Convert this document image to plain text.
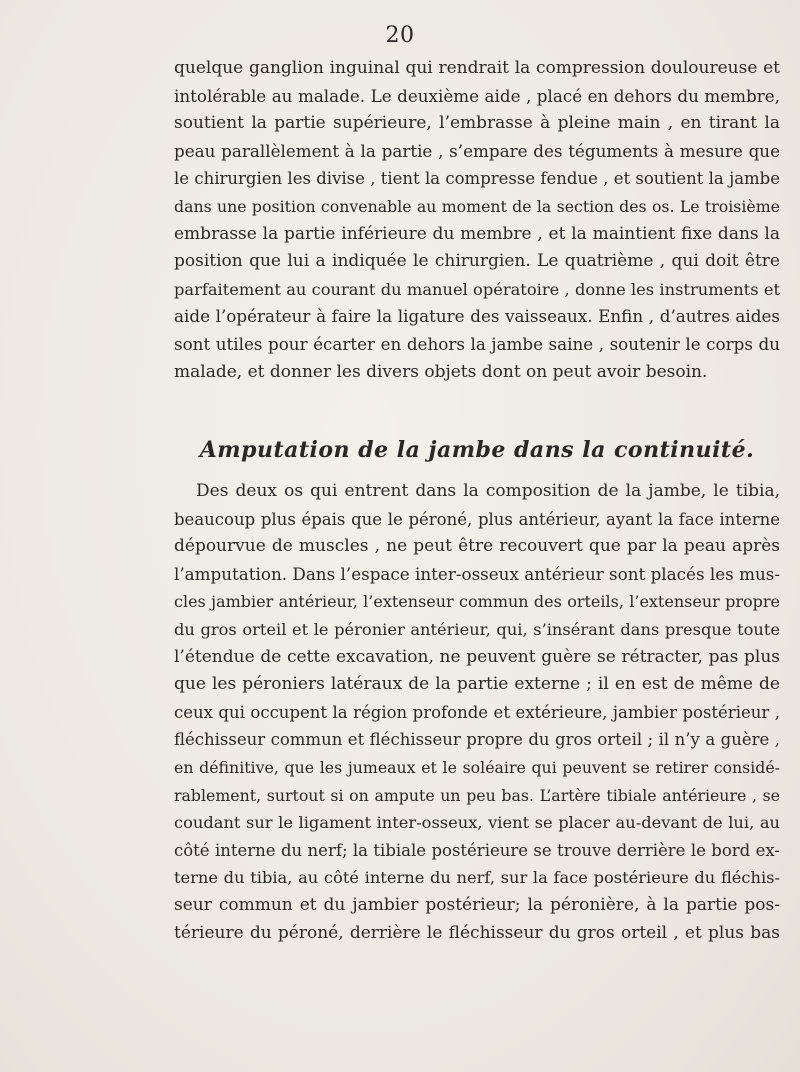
20
quelque ganglion inguinal qui rendrait la compression douloureuse et
intolérable au malade. Le deuxième aide , placé en dehors du membre,
soutient la partie supérieure, l’embrasse à pleine main , en tirant la
peau parallèlement à la partie , s’empare des téguments à mesure que
le chirurgien les divise , tient la compresse fendue , et soutient la jambe
dans une position convenable au moment de la section des os. Le troisième
embrasse la partie inférieure du membre , et la maintient fixe dans la
position que lui a indiquée le chirurgien. Le quatrième , qui doit être
parfaitement au courant du manuel opératoire , donne les instruments et
aide l’opérateur à faire la ligature des vaisseaux. Enfin , d’autres aides
sont utiles pour écarter en dehors la jambe saine , soutenir le corps du
malade, et donner les divers objets dont on peut avoir besoin.
Amputation de la jambe dans la continuité.
Des deux os qui entrent dans la composition de la jambe, le tibia,
beaucoup plus épais que le péroné, plus antérieur, ayant la face interne
dépourvue de muscles , ne peut être recouvert que par la peau après
l’amputation. Dans l’espace inter-osseux antérieur sont placés les mus-
cles jambier antérieur, l’extenseur commun des orteils, l’extenseur propre
du gros orteil et le péronier antérieur, qui, s’insérant dans presque toute
l’étendue de cette excavation, ne peuvent guère se rétracter, pas plus
que les péroniers latéraux de la partie externe ; il en est de même de
ceux qui occupent la région profonde et extérieure, jambier postérieur ,
fléchisseur commun et fléchisseur propre du gros orteil ; il n’y a guère ,
en définitive, que les jumeaux et le soléaire qui peuvent se retirer considé-
rablement, surtout si on ampute un peu bas. L’artère tibiale antérieure , se
coudant sur le ligament inter-osseux, vient se placer au-devant de lui, au
côté interne du nerf; la tibiale postérieure se trouve derrière le bord ex-
terne du tibia, au côté interne du nerf, sur la face postérieure du fléchis-
seur commun et du jambier postérieur; la péronière, à la partie pos-
térieure du péroné, derrière le fléchisseur du gros orteil , et plus bas
